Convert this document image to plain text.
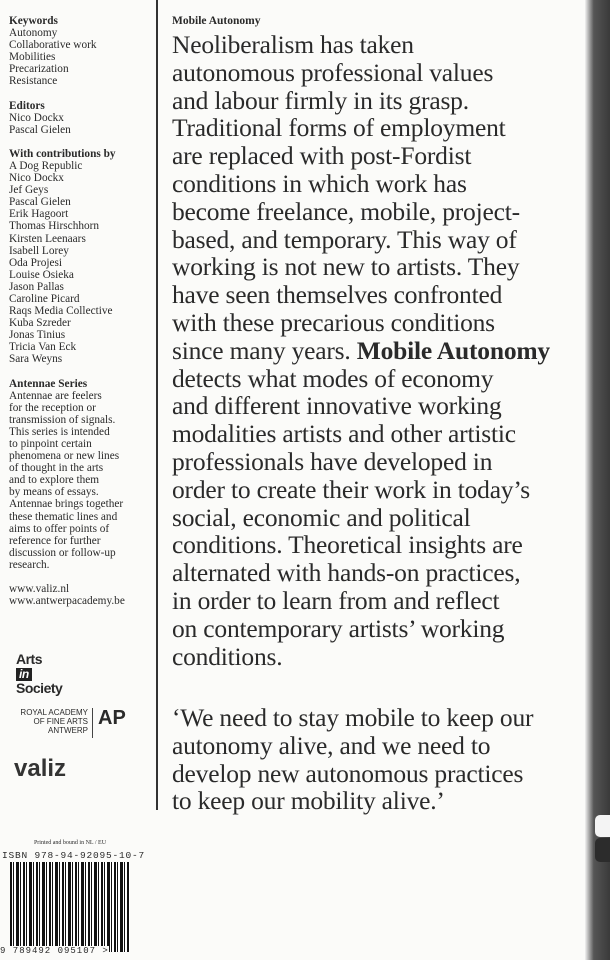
Keywords
Autonomy
Collaborative work
Mobilities
Precarization
Resistance
Editors
Nico Dockx
Pascal Gielen
With contributions by
A Dog Republic
Nico Dockx
Jef Geys
Pascal Gielen
Erik Hagoort
Thomas Hirschhorn
Kirsten Leenaars
Isabell Lorey
Oda Projesi
Louise Osieka
Jason Pallas
Caroline Picard
Raqs Media Collective
Kuba Szreder
Jonas Tinius
Tricia Van Eck
Sara Weyns
Antennae Series
Antennae are feelers
for the reception or
transmission of signals.
This series is intended
to pinpoint certain
phenomena or new lines
of thought in the arts
and to explore them
by means of essays.
Antennae brings together
these thematic lines and
aims to offer points of
reference for further
discussion or follow-up
research.
www.valiz.nl
www.antwerpacademy.be
Mobile Autonomy
Neoliberalism has taken
autonomous professional values
and labour firmly in its grasp.
Traditional forms of employment
are replaced with post-Fordist
conditions in which work has
become freelance, mobile, project-
based, and temporary. This way of
working is not new to artists. They
have seen themselves confronted
with these precarious conditions
since many years. Mobile Autonomy
detects what modes of economy
and different innovative working
modalities artists and other artistic
professionals have developed in
order to create their work in today’s
social, economic and political
conditions. Theoretical insights are
alternated with hands-on practices,
in order to learn from and reflect
on contemporary artists’ working
conditions.
‘We need to stay mobile to keep our
autonomy alive, and we need to
develop new autonomous practices
to keep our mobility alive.’
Arts
in
Society
ROYAL ACADEMY
OF FINE ARTS
ANTWERP
AP
valiz
Printed and bound in NL / EU
ISBN 978-94-92095-10-7
9 789492 095107 >
